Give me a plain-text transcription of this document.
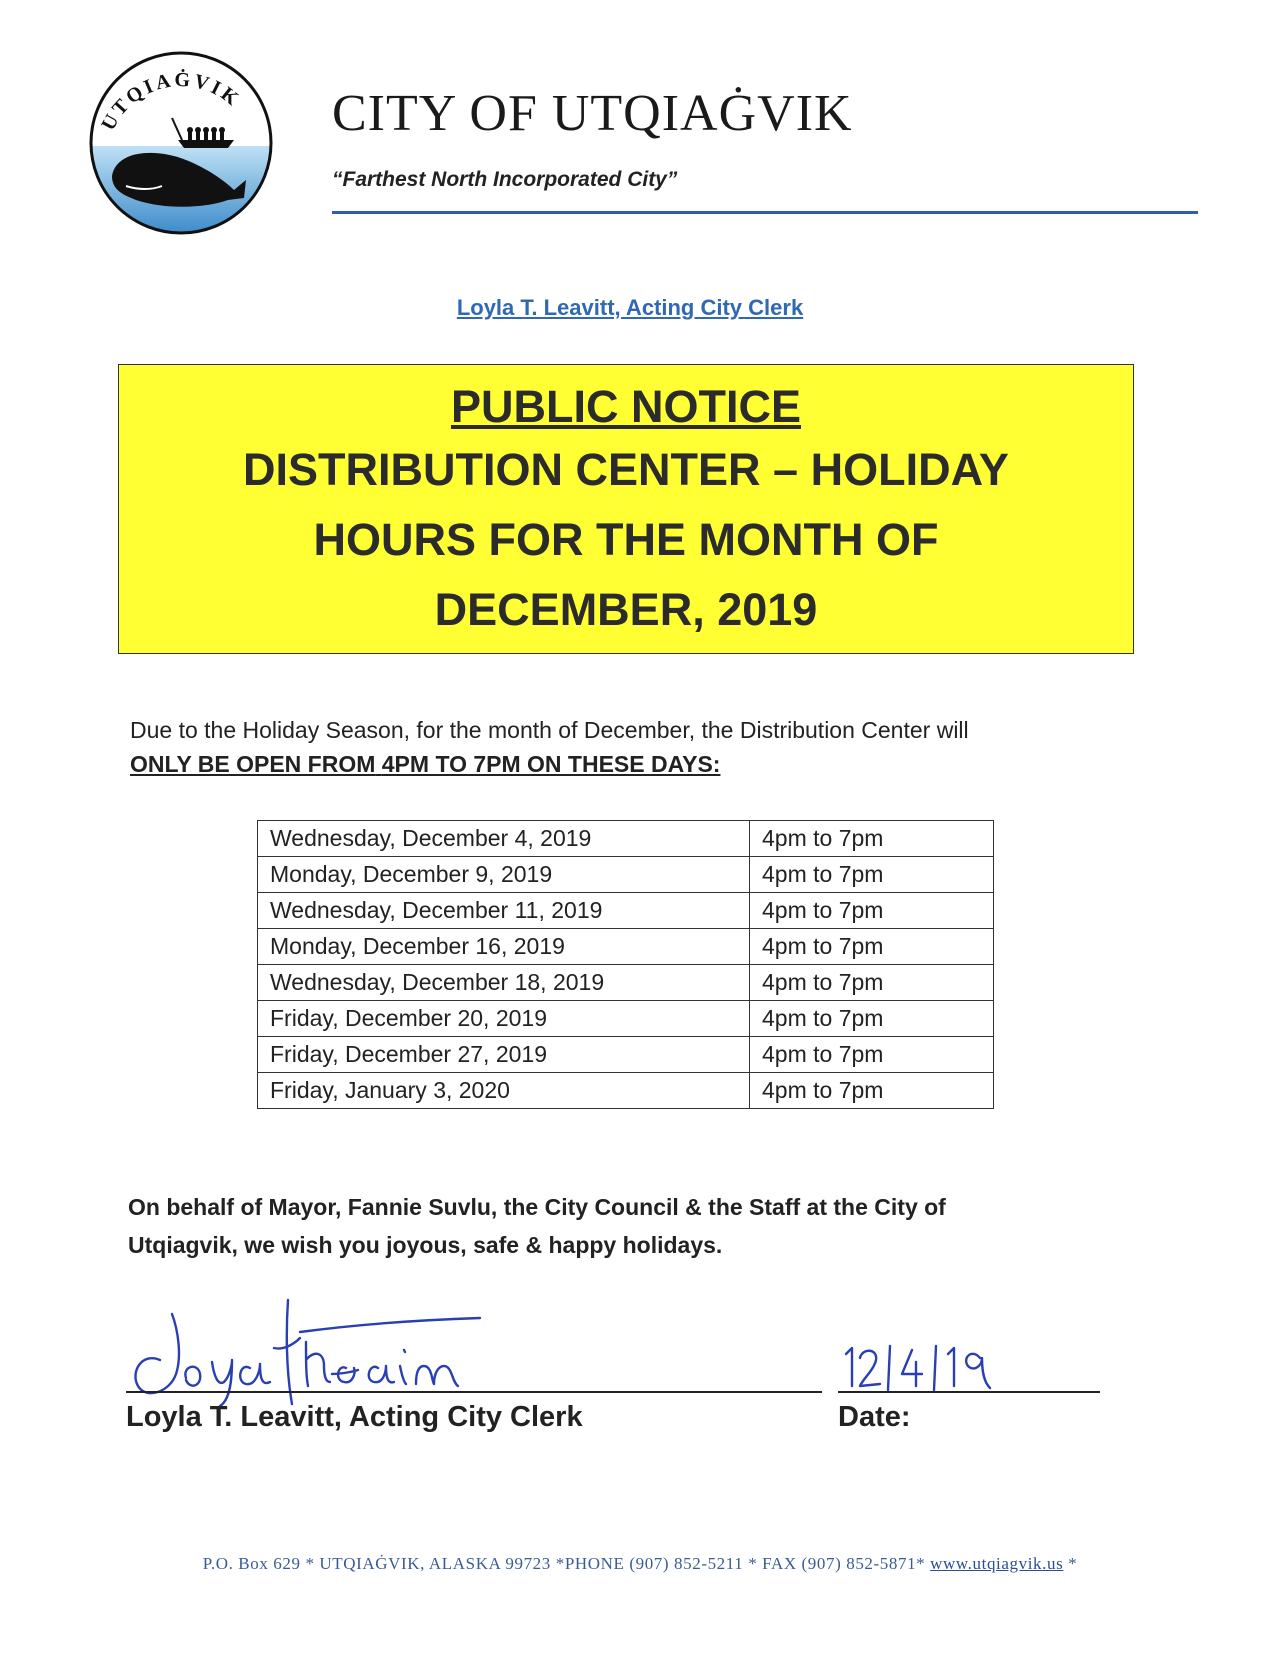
UTQIAĠVIK CITY OF UTQIAĠVIK
“Farthest North Incorporated City”
Loyla T. Leavitt, Acting City Clerk
PUBLIC NOTICE
DISTRIBUTION CENTER – HOLIDAY
HOURS FOR THE MONTH OF
DECEMBER, 2019
Due to the Holiday Season, for the month of December, the Distribution Center will
ONLY BE OPEN FROM 4PM TO 7PM ON THESE DAYS:
Wednesday, December 4, 2019	4pm to 7pm
Monday, December 9, 2019	4pm to 7pm
Wednesday, December 11, 2019	4pm to 7pm
Monday, December 16, 2019	4pm to 7pm
Wednesday, December 18, 2019	4pm to 7pm
Friday, December 20, 2019	4pm to 7pm
Friday, December 27, 2019	4pm to 7pm
Friday, January 3, 2020	4pm to 7pm
On behalf of Mayor, Fannie Suvlu, the City Council & the Staff at the City of
Utqiagvik, we wish you joyous, safe & happy holidays.
Loyla T. Leavitt, Acting City Clerk	Date:
P.O. Box 629 * UTQIAĠVIK, ALASKA 99723 *PHONE (907) 852-5211 * FAX (907) 852-5871* www.utqiagvik.us *
